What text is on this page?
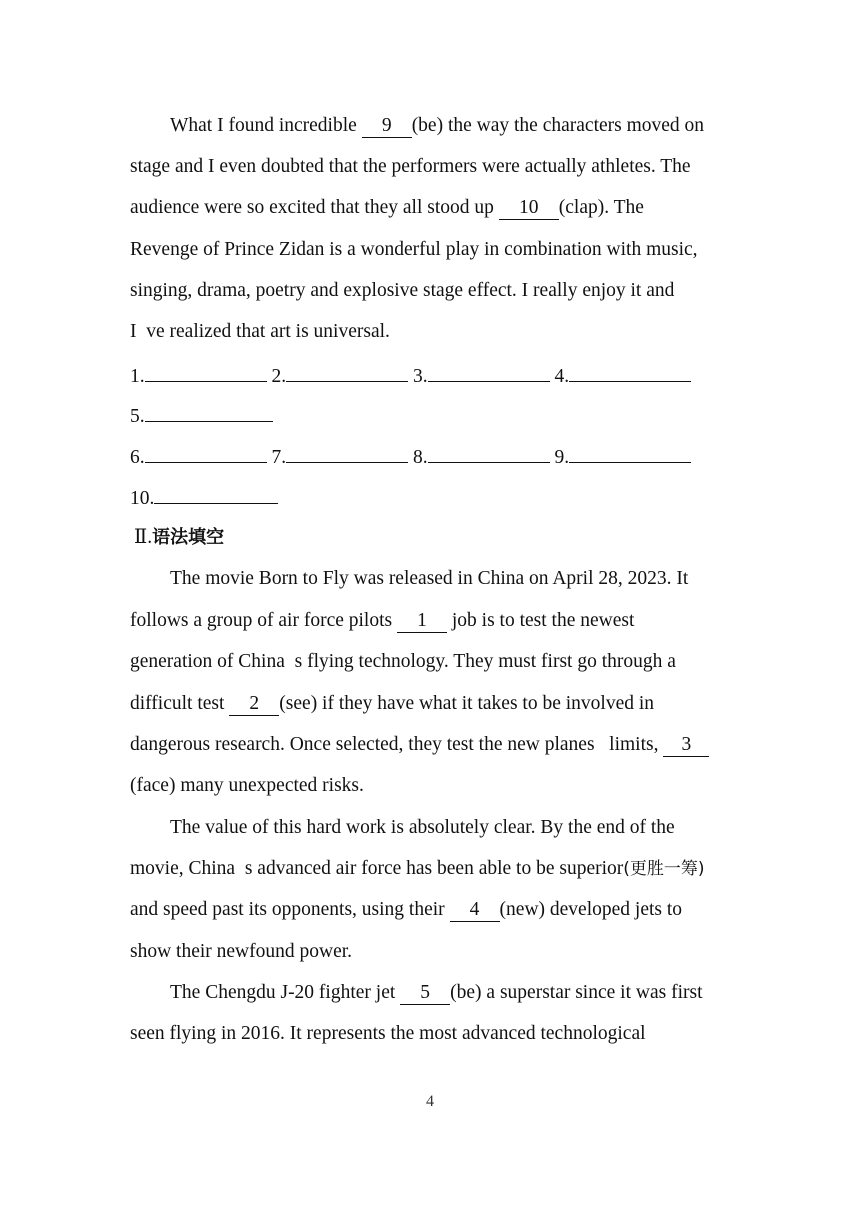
What I found incredible 9 (be) the way the characters moved on
stage and I even doubted that the performers were actually athletes. The
audience were so excited that they all stood up 10 (clap). The
Revenge of Prince Zidan is a wonderful play in combination with music,
singing, drama, poetry and explosive stage effect. I really enjoy it and
I  ve realized that art is universal.
1.	2.	3.	4.
5.
6.	7.	8.	9.
10.
Ⅱ.语法填空
The movie Born to Fly was released in China on April 28, 2023. It
follows a group of air force pilots 1 job is to test the newest
generation of China  s flying technology. They must first go through a
difficult test 2 (see) if they have what it takes to be involved in
dangerous research. Once selected, they test the new planes   limits, 3
(face) many unexpected risks.
The value of this hard work is absolutely clear. By the end of the
movie, China  s advanced air force has been able to be superior(更胜一筹)
and speed past its opponents, using their 4 (new) developed jets to
show their newfound power.
The Chengdu J-20 fighter jet 5 (be) a superstar since it was first
seen flying in 2016. It represents the most advanced technological
4
